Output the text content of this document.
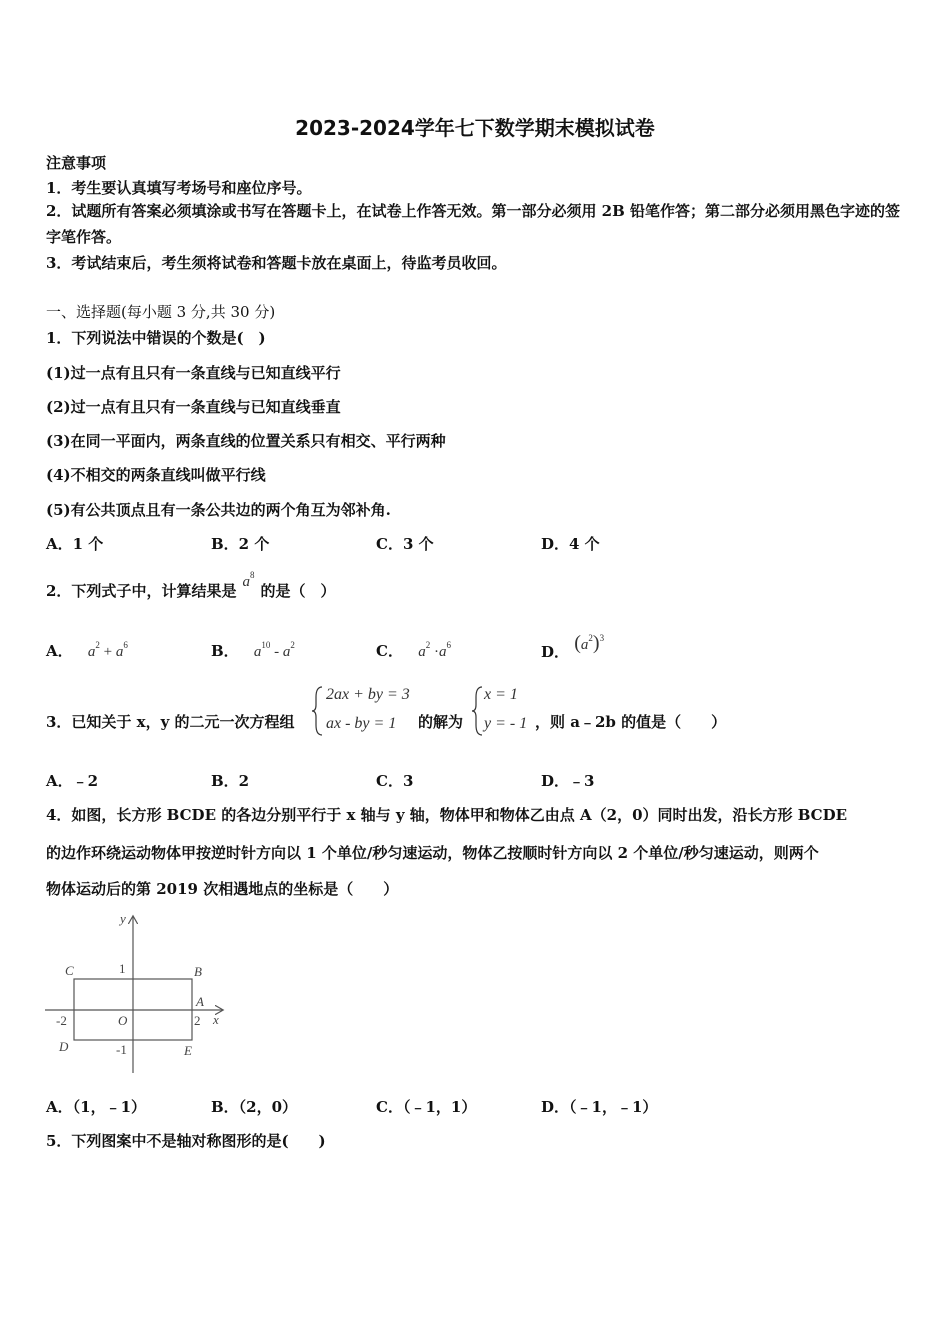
2023-2024学年七下数学期末模拟试卷
注意事项
1．考生要认真填写考场号和座位序号。
2．试题所有答案必须填涂或书写在答题卡上，在试卷上作答无效。第一部分必须用 2B 铅笔作答；第二部分必须用黑色字迹的签字笔作答。
3．考试结束后，考生须将试卷和答题卡放在桌面上，待监考员收回。
一、选择题(每小题 3 分,共 30 分)
1．下列说法中错误的个数是(　)
(1)过一点有且只有一条直线与已知直线平行
(2)过一点有且只有一条直线与已知直线垂直
(3)在同一平面内，两条直线的位置关系只有相交、平行两种
(4)不相交的两条直线叫做平行线
(5)有公共顶点且有一条公共边的两个角互为邻补角.
A．1 个	B．2 个	C．3 个	D．4 个
2．下列式子中，计算结果是 $a^8$的是（　）
A． $a^2 + a^6$	B． $a^{10} - a^2$	C． $a^2 \cdot a^6$	D． $(a^2)^3$
3．已知关于 x，y 的二元一次方程组
2ax + by = 3
ax - by = 1 的解为
x = 1
y = - 1 ，则 a﹣2b 的值是（　　）
A．﹣2	B．2	C．3	D．﹣3
4．如图，长方形 BCDE 的各边分别平行于 x 轴与 y 轴，物体甲和物体乙由点 A（2，0）同时出发，沿长方形 BCDE
的边作环绕运动物体甲按逆时针方向以 1 个单位/秒匀速运动，物体乙按顺时针方向以 2 个单位/秒匀速运动，则两个
物体运动后的第 2019 次相遇地点的坐标是（　　）
y
x
C	B
A
D	E
O
1
-1
2
-2
A．（1，﹣1）	B．（2，0）	C．（﹣1，1）	D．（﹣1，﹣1）
5．下列图案中不是轴对称图形的是(　　)
